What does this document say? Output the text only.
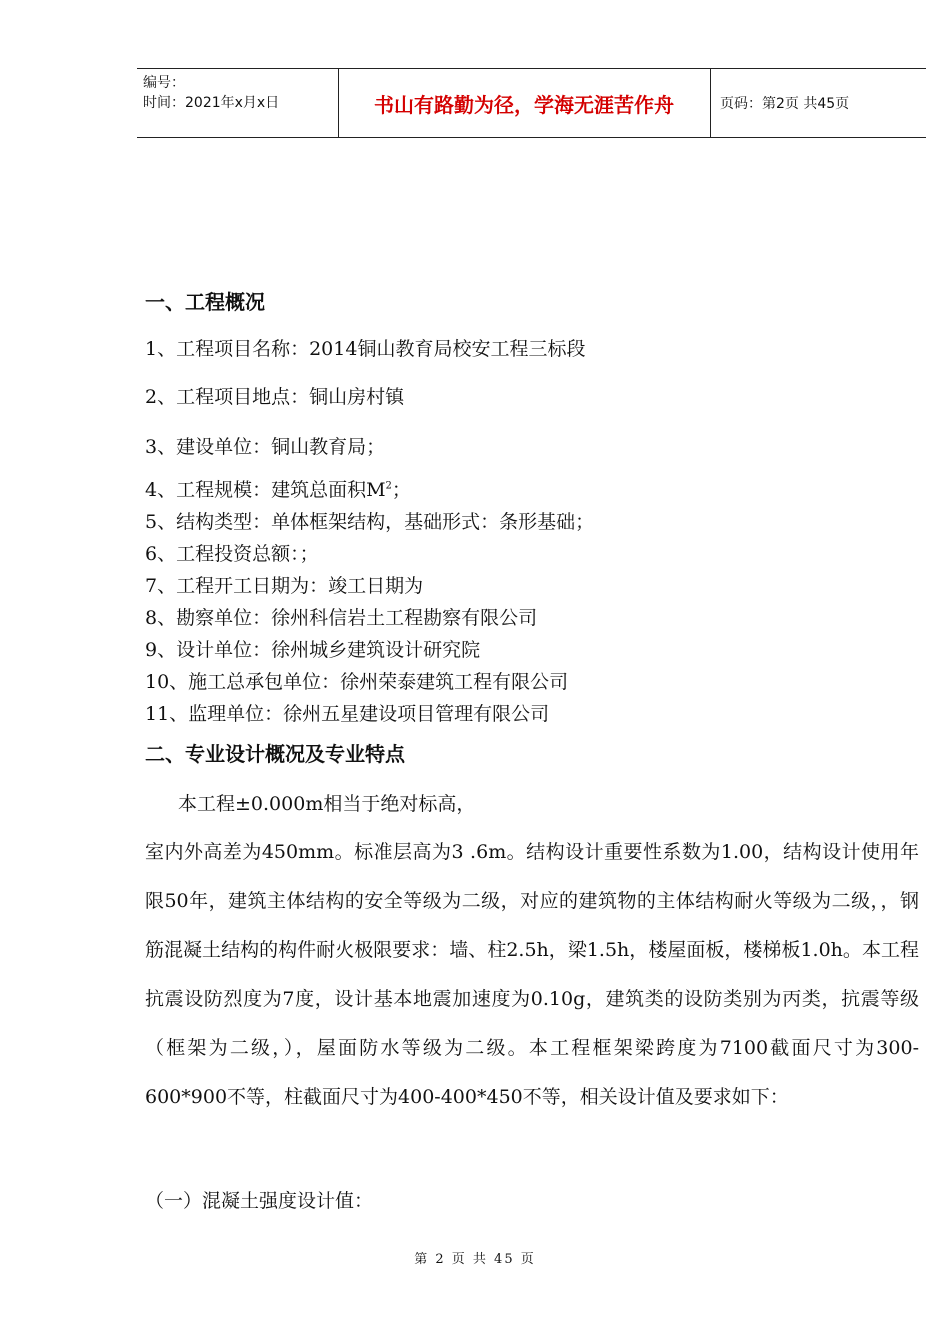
编号：
时间：2021年x月x日	书山有路勤为径，学海无涯苦作舟	页码：第2页 共45页
一、工程概况
1、工程项目名称：2014铜山教育局校安工程三标段
2、工程项目地点：铜山房村镇
3、建设单位：铜山教育局；
4、工程规模：建筑总面积$M^2$；
5、结构类型：单体框架结构，基础形式：条形基础；
6、工程投资总额：；
7、工程开工日期为：竣工日期为
8、勘察单位：徐州科信岩土工程勘察有限公司
9、设计单位：徐州城乡建筑设计研究院
10、施工总承包单位：徐州荣泰建筑工程有限公司
11、监理单位：徐州五星建设项目管理有限公司
二、专业设计概况及专业特点
本工程±0.000m相当于绝对标高，
室内外高差为450mm。标准层高为3 .6m。结构设计重要性系数为1.00，结构设计使用年限50年，建筑主体结构的安全等级为二级，对应的建筑物的主体结构耐火等级为二级，，钢筋混凝土结构的构件耐火极限要求：墙、柱2.5h，梁1.5h，楼屋面板，楼梯板1.0h。本工程抗震设防烈度为7度，设计基本地震加速度为0.10g，建筑类的设防类别为丙类，抗震等级（框架为二级，），屋面防水等级为二级。本工程框架梁跨度为7100截面尺寸为300-600*900不等，柱截面尺寸为400-400*450不等，相关设计值及要求如下：
（一）混凝土强度设计值：
第 2 页 共 45 页
